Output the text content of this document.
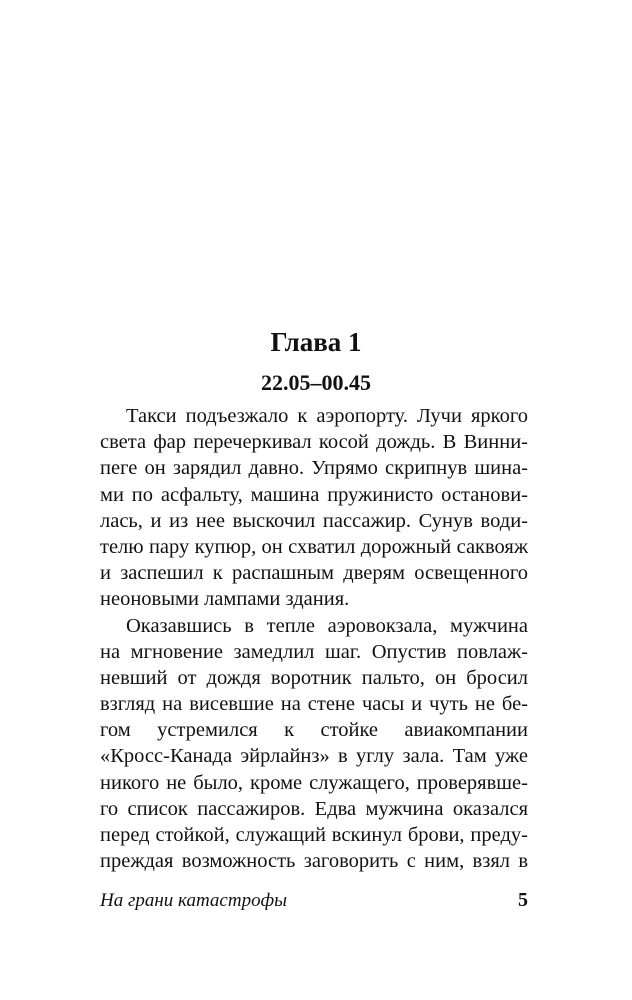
Глава 1
22.05–00.45
Такси подъезжало к аэропорту. Лучи яркого
света фар перечеркивал косой дождь. В Винни-
пеге он зарядил давно. Упрямо скрипнув шина-
ми по асфальту, машина пружинисто останови-
лась, и из нее выскочил пассажир. Сунув води-
телю пару купюр, он схватил дорожный саквояж
и заспешил к распашным дверям освещенного
неоновыми лампами здания.
Оказавшись в тепле аэровокзала, мужчина
на мгновение замедлил шаг. Опустив повлаж-
невший от дождя воротник пальто, он бросил
взгляд на висевшие на стене часы и чуть не бе-
гом устремился к стойке авиакомпании
«Кросс-Канада эйрлайнз» в углу зала. Там уже
никого не было, кроме служащего, проверявше-
го список пассажиров. Едва мужчина оказался
перед стойкой, служащий вскинул брови, преду-
преждая возможность заговорить с ним, взял в
На грани катастрофы	5
